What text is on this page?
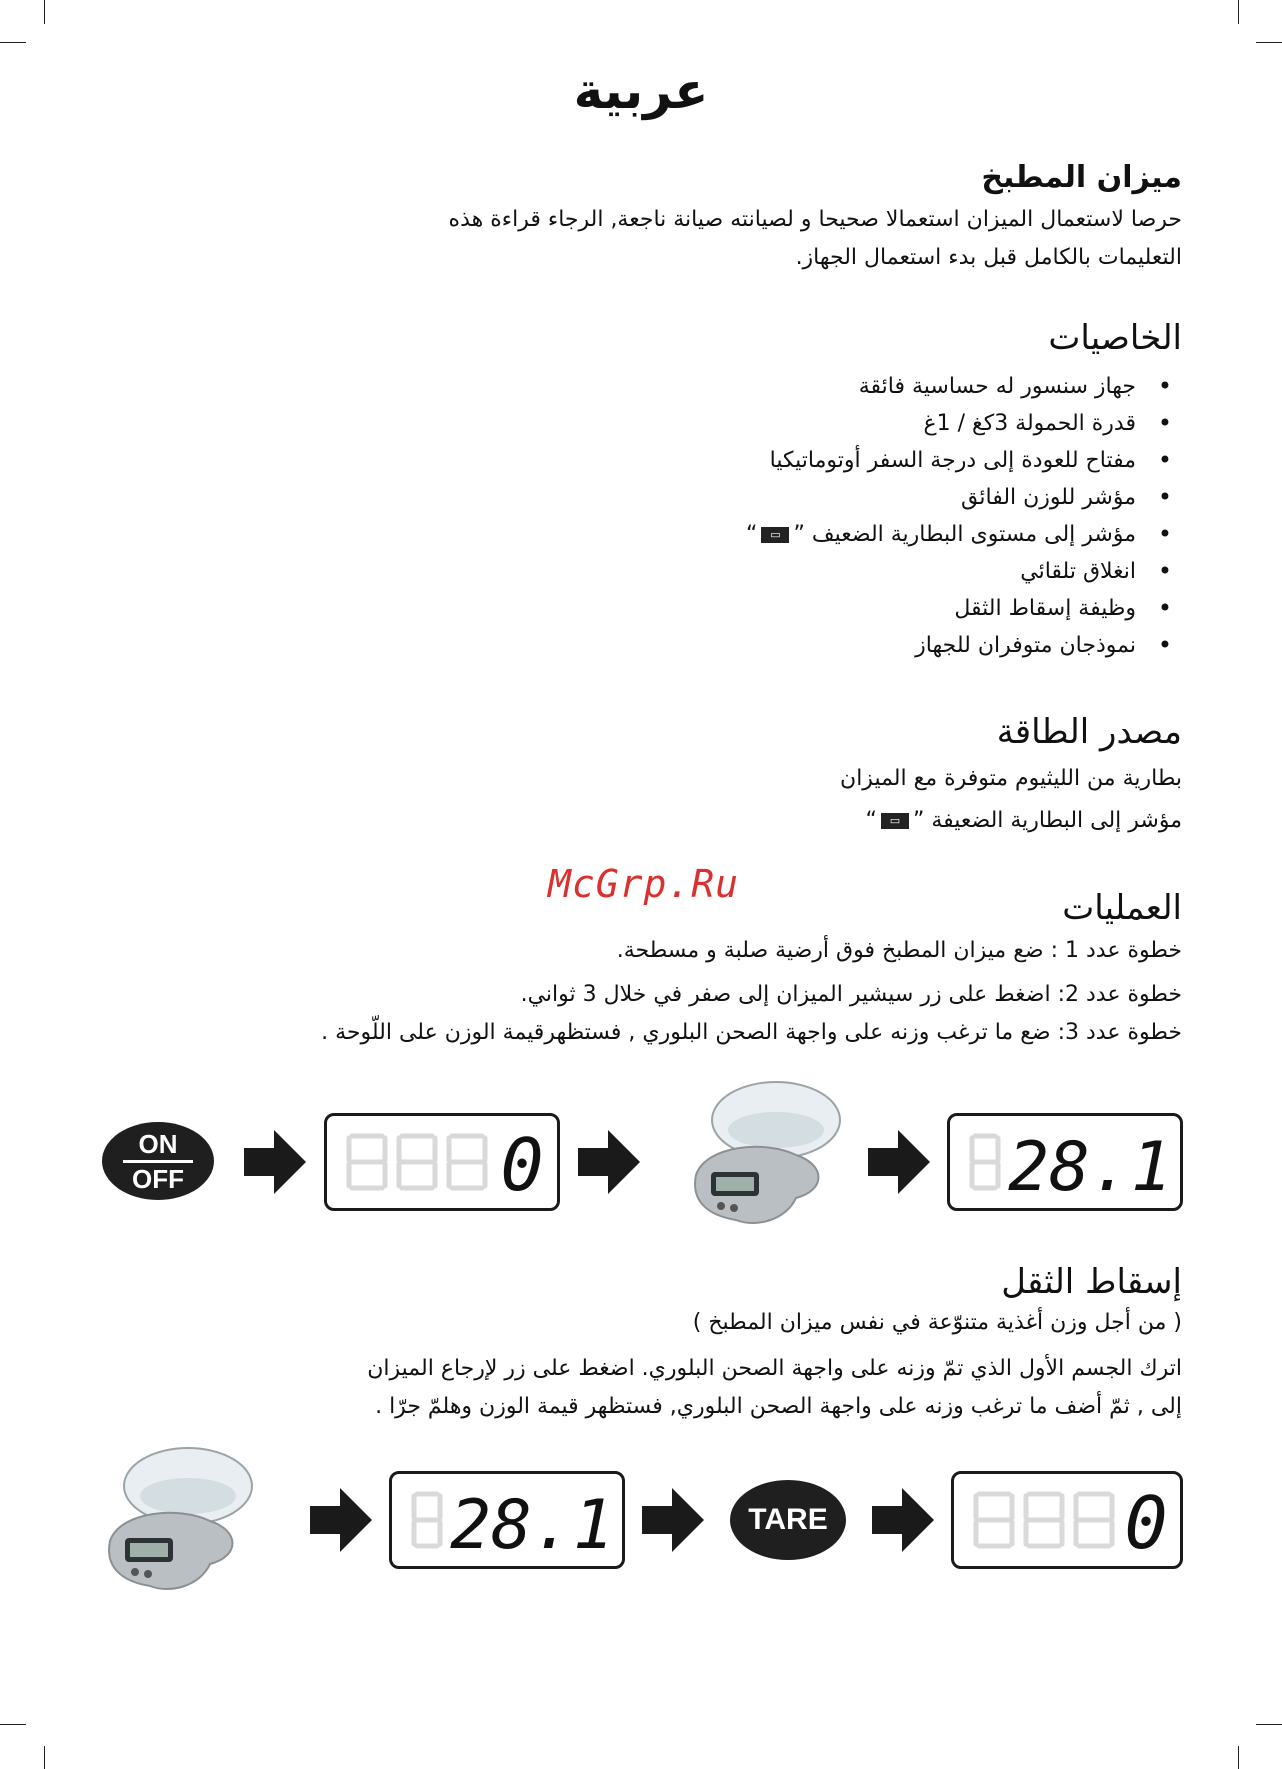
عربية
ميزان المطبخ

حرصا لاستعمال الميزان استعمالا صحيحا و لصيانته صيانة ناجعة, الرجاء قراءة هذه

التعليمات بالكامل قبل بدء استعمال الجهاز.

الخاصيات
• جهاز سنسور له حساسية فائقة
• قدرة الحمولة 3كغ / 1غ
• مفتاح للعودة إلى درجة السفر أوتوماتيكيا
• مؤشر للوزن الفائق
• مؤشر إلى مستوى البطارية الضعيف ”▭“
• انغلاق تلقائي
• وظيفة إسقاط الثقل
• نموذجان متوفران للجهاز
مصدر الطاقة

بطارية من الليثيوم متوفرة مع الميزان

مؤشر إلى البطارية الضعيفة ”▭“

McGrp.Ru
العمليات

خطوة عدد 1 : ضع ميزان المطبخ فوق أرضية صلبة و مسطحة.

خطوة عدد 2: اضغط على زر سيشير الميزان إلى صفر في خلال 3 ثواني.

خطوة عدد 3: ضع ما ترغب وزنه على واجهة الصحن البلوري , فستظهرقيمة الوزن على اللّوحة .

ON
OFF	0	28.1
إسقاط الثقل

( من أجل وزن أغذية متنوّعة في نفس ميزان المطبخ )

اترك الجسم الأول الذي تمّ وزنه على واجهة الصحن البلوري. اضغط على زر لإرجاع الميزان

إلى , ثمّ أضف ما ترغب وزنه على واجهة الصحن البلوري, فستظهر قيمة الوزن وهلمّ جرّا .

28.1	TARE	0
